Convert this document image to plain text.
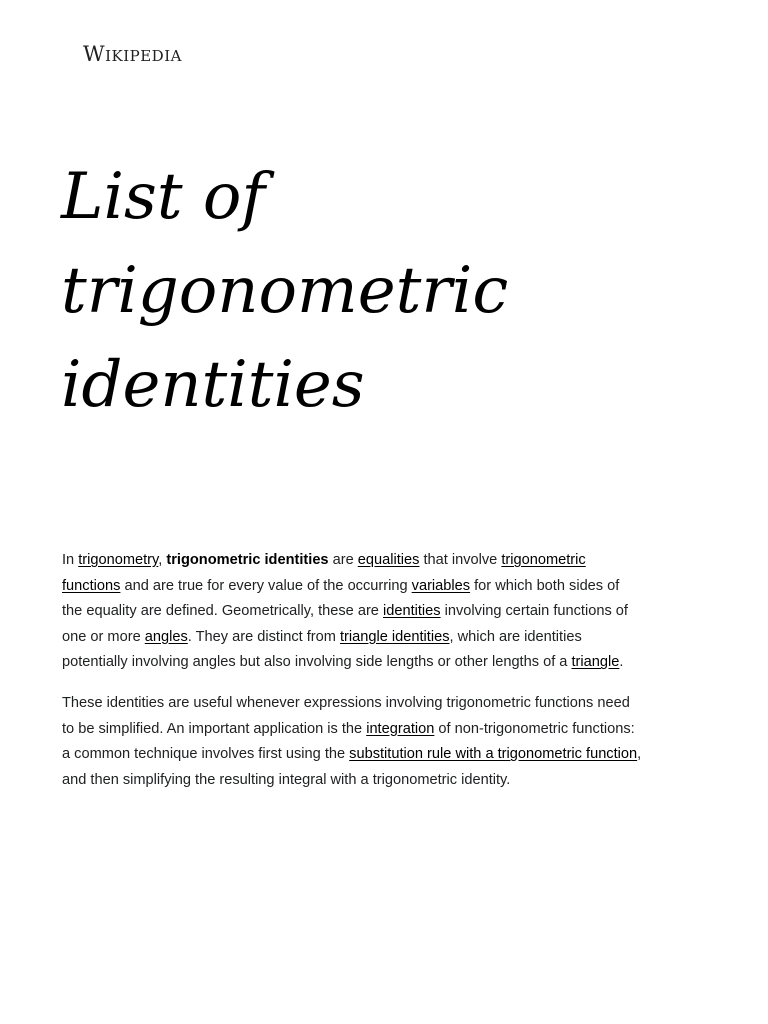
Wikipedia
List of trigonometric identities

In trigonometry, trigonometric identities are equalities that involve trigonometric functions and are true for every value of the occurring variables for which both sides of the equality are defined. Geometrically, these are identities involving certain functions of one or more angles. They are distinct from triangle identities, which are identities potentially involving angles but also involving side lengths or other lengths of a triangle.

These identities are useful whenever expressions involving trigonometric functions need to be simplified. An important application is the integration of non-trigonometric functions: a common technique involves first using the substitution rule with a trigonometric function, and then simplifying the resulting integral with a trigonometric identity.
